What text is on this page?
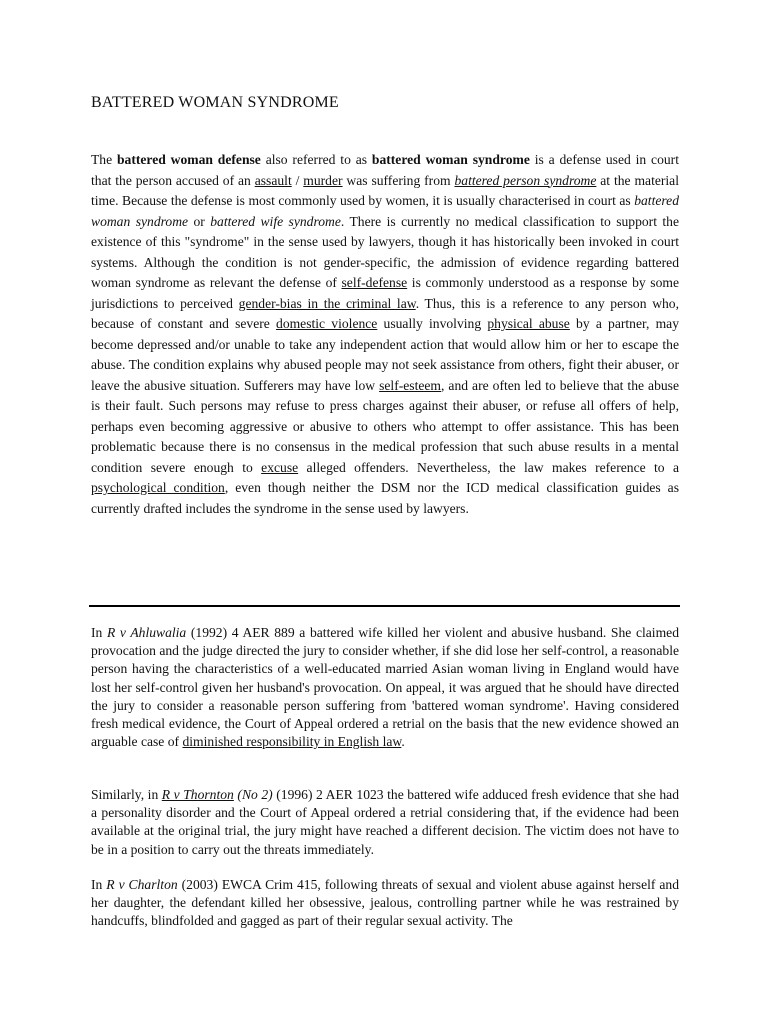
BATTERED WOMAN SYNDROME

The battered woman defense also referred to as battered woman syndrome is a defense used in court that the person accused of an assault / murder was suffering from battered person syndrome at the material time. Because the defense is most commonly used by women, it is usually characterised in court as battered woman syndrome or battered wife syndrome. There is currently no medical classification to support the existence of this "syndrome" in the sense used by lawyers, though it has historically been invoked in court systems. Although the condition is not gender-specific, the admission of evidence regarding battered woman syndrome as relevant the defense of self-defense is commonly understood as a response by some jurisdictions to perceived gender-bias in the criminal law. Thus, this is a reference to any person who, because of constant and severe domestic violence usually involving physical abuse by a partner, may become depressed and/or unable to take any independent action that would allow him or her to escape the abuse. The condition explains why abused people may not seek assistance from others, fight their abuser, or leave the abusive situation. Sufferers may have low self-esteem, and are often led to believe that the abuse is their fault. Such persons may refuse to press charges against their abuser, or refuse all offers of help, perhaps even becoming aggressive or abusive to others who attempt to offer assistance. This has been problematic because there is no consensus in the medical profession that such abuse results in a mental condition severe enough to excuse alleged offenders. Nevertheless, the law makes reference to a psychological condition, even though neither the DSM nor the ICD medical classification guides as currently drafted includes the syndrome in the sense used by lawyers.

In R v Ahluwalia (1992) 4 AER 889 a battered wife killed her violent and abusive husband. She claimed provocation and the judge directed the jury to consider whether, if she did lose her self-control, a reasonable person having the characteristics of a well-educated married Asian woman living in England would have lost her self-control given her husband's provocation. On appeal, it was argued that he should have directed the jury to consider a reasonable person suffering from 'battered woman syndrome'. Having considered fresh medical evidence, the Court of Appeal ordered a retrial on the basis that the new evidence showed an arguable case of diminished responsibility in English law.

Similarly, in R v Thornton (No 2) (1996) 2 AER 1023 the battered wife adduced fresh evidence that she had a personality disorder and the Court of Appeal ordered a retrial considering that, if the evidence had been available at the original trial, the jury might have reached a different decision. The victim does not have to be in a position to carry out the threats immediately.

In R v Charlton (2003) EWCA Crim 415, following threats of sexual and violent abuse against herself and her daughter, the defendant killed her obsessive, jealous, controlling partner while he was restrained by handcuffs, blindfolded and gagged as part of their regular sexual activity. The
